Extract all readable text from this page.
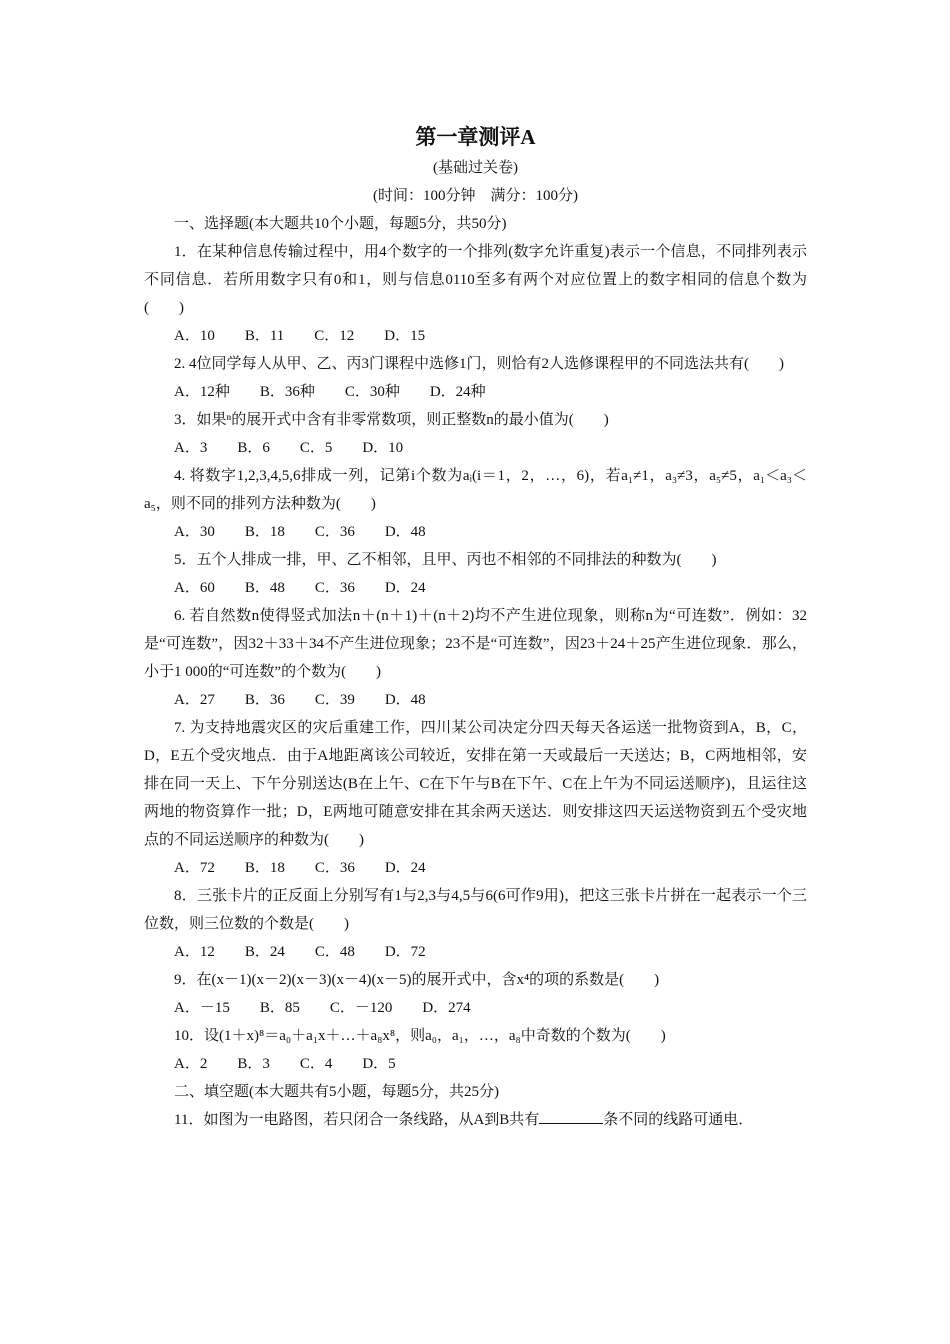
第一章测评A
(基础过关卷)
(时间：100分钟　满分：100分)
一、选择题(本大题共10个小题，每题5分，共50分)
1．在某种信息传输过程中，用4个数字的一个排列(数字允许重复)表示一个信息，不同排列表示不同信息．若所用数字只有0和1，则与信息0110至多有两个对应位置上的数字相同的信息个数为(　　)
A．10　　B．11　　C．12　　D．15
2. 4位同学每人从甲、乙、丙3门课程中选修1门，则恰有2人选修课程甲的不同选法共有(　　)
A．12种　　B．36种　　C．30种　　D．24种
3．如果ⁿ的展开式中含有非零常数项，则正整数n的最小值为(　　)
A．3　　B．6　　C．5　　D．10
4. 将数字1,2,3,4,5,6排成一列，记第i个数为aᵢ(i＝1，2，…，6)，若a₁≠1，a₃≠3，a₅≠5，a₁＜a₃＜a₅，则不同的排列方法种数为(　　)
A．30　　B．18　　C．36　　D．48
5．五个人排成一排，甲、乙不相邻，且甲、丙也不相邻的不同排法的种数为(　　)
A．60　　B．48　　C．36　　D．24
6. 若自然数n使得竖式加法n＋(n＋1)＋(n＋2)均不产生进位现象，则称n为“可连数”．例如：32是“可连数”，因32＋33＋34不产生进位现象；23不是“可连数”，因23＋24＋25产生进位现象．那么，小于1 000的“可连数”的个数为(　　)
A．27　　B．36　　C．39　　D．48
7. 为支持地震灾区的灾后重建工作，四川某公司决定分四天每天各运送一批物资到A，B，C，D，E五个受灾地点．由于A地距离该公司较近，安排在第一天或最后一天送达；B，C两地相邻，安排在同一天上、下午分别送达(B在上午、C在下午与B在下午、C在上午为不同运送顺序)，且运往这两地的物资算作一批；D，E两地可随意安排在其余两天送达．则安排这四天运送物资到五个受灾地点的不同运送顺序的种数为(　　)
A．72　　B．18　　C．36　　D．24
8．三张卡片的正反面上分别写有1与2,3与4,5与6(6可作9用)，把这三张卡片拼在一起表示一个三位数，则三位数的个数是(　　)
A．12　　B．24　　C．48　　D．72
9．在(x－1)(x－2)(x－3)(x－4)(x－5)的展开式中，含x⁴的项的系数是(　　)
A．－15　　B．85　　C．－120　　D．274
10．设(1＋x)⁸＝a₀＋a₁x＋…＋a₈x⁸，则a₀，a₁，…，a₈中奇数的个数为(　　)
A．2　　B．3　　C．4　　D．5
二、填空题(本大题共有5小题，每题5分，共25分)
11．如图为一电路图，若只闭合一条线路，从A到B共有	条不同的线路可通电．
